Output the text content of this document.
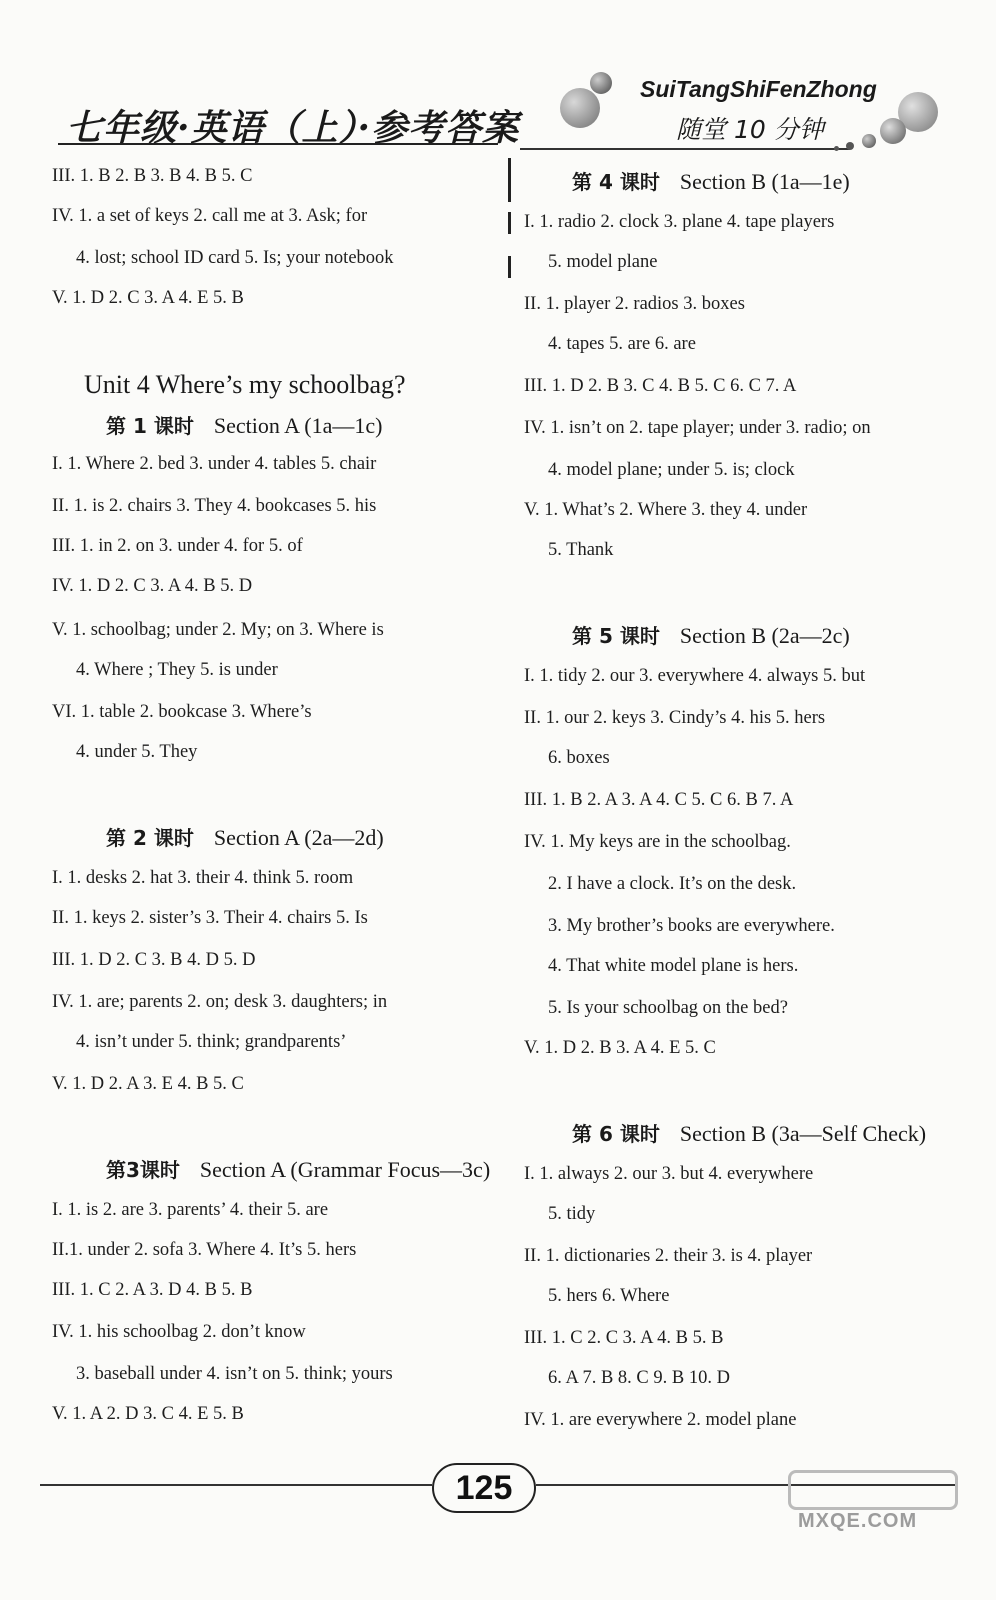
七年级·英语（上）·参考答案
SuiTangShiFenZhong
随堂 10 分钟
III. 1. B 2. B 3. B 4. B 5. C
IV. 1. a set of keys 2. call me at 3. Ask; for
4. lost; school ID card 5. Is; your notebook
V. 1. D 2. C 3. A 4. E 5. B
Unit 4 Where’s my schoolbag?
第 1 课时 Section A (1a—1c)
I. 1. Where 2. bed 3. under 4. tables 5. chair
II. 1. is 2. chairs 3. They 4. bookcases 5. his
III. 1. in 2. on 3. under 4. for 5. of
IV. 1. D 2. C 3. A 4. B 5. D
V. 1. schoolbag; under 2. My; on 3. Where is
4. Where ; They 5. is under
VI. 1. table 2. bookcase 3. Where’s
4. under 5. They
第 2 课时 Section A (2a—2d)
I. 1. desks 2. hat 3. their 4. think 5. room
II. 1. keys 2. sister’s 3. Their 4. chairs 5. Is
III. 1. D 2. C 3. B 4. D 5. D
IV. 1. are; parents 2. on; desk 3. daughters; in
4. isn’t under 5. think; grandparents’
V. 1. D 2. A 3. E 4. B 5. C
第3课时 Section A (Grammar Focus—3c)
I. 1. is 2. are 3. parents’ 4. their 5. are
II.1. under 2. sofa 3. Where 4. It’s 5. hers
III. 1. C 2. A 3. D 4. B 5. B
IV. 1. his schoolbag 2. don’t know
3. baseball under 4. isn’t on 5. think; yours
V. 1. A 2. D 3. C 4. E 5. B
第 4 课时 Section B (1a—1e)
I. 1. radio 2. clock 3. plane 4. tape players
5. model plane
II. 1. player 2. radios 3. boxes
4. tapes 5. are 6. are
III. 1. D 2. B 3. C 4. B 5. C 6. C 7. A
IV. 1. isn’t on 2. tape player; under 3. radio; on
4. model plane; under 5. is; clock
V. 1. What’s 2. Where 3. they 4. under
5. Thank
第 5 课时 Section B (2a—2c)
I. 1. tidy 2. our 3. everywhere 4. always 5. but
II. 1. our 2. keys 3. Cindy’s 4. his 5. hers
6. boxes
III. 1. B 2. A 3. A 4. C 5. C 6. B 7. A
IV. 1. My keys are in the schoolbag.
2. I have a clock. It’s on the desk.
3. My brother’s books are everywhere.
4. That white model plane is hers.
5. Is your schoolbag on the bed?
V. 1. D 2. B 3. A 4. E 5. C
第 6 课时 Section B (3a—Self Check)
I. 1. always 2. our 3. but 4. everywhere
5. tidy
II. 1. dictionaries 2. their 3. is 4. player
5. hers 6. Where
III. 1. C 2. C 3. A 4. B 5. B
6. A 7. B 8. C 9. B 10. D
IV. 1. are everywhere 2. model plane
125
MXQE.COM
